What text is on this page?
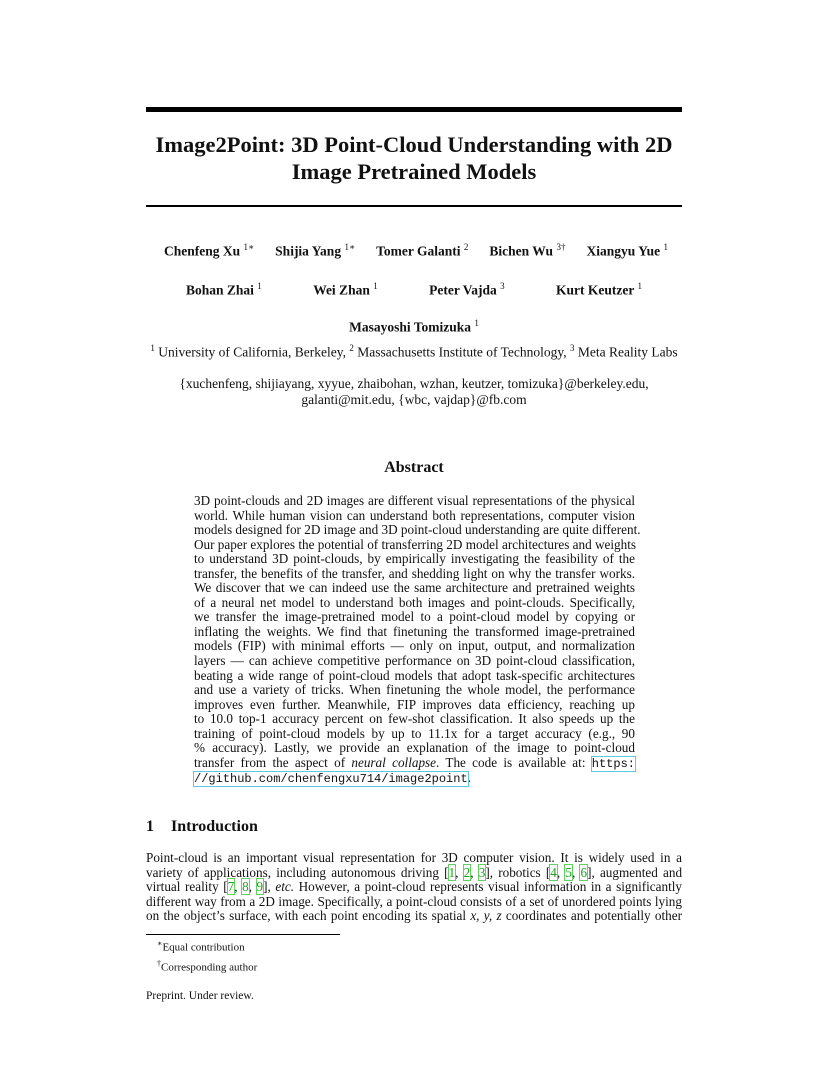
Image2Point: 3D Point-Cloud Understanding with 2D
Image Pretrained Models
Chenfeng Xu $^{1∗}$ Shijia Yang $^{1∗}$ Tomer Galanti $^2$ Bichen Wu $^{3\dagger}$ Xiangyu Yue $^1$
Bohan Zhai $^1$	Wei Zhan $^1$	Peter Vajda $^3$	Kurt Keutzer $^1$
Masayoshi Tomizuka $^1$
$^1$ University of California, Berkeley, $^2$ Massachusetts Institute of Technology, $^3$ Meta Reality Labs
{xuchenfeng, shijiayang, xyyue, zhaibohan, wzhan, keutzer, tomizuka}@berkeley.edu,
galanti@mit.edu, {wbc, vajdap}@fb.com
Abstract
3D point-clouds and 2D images are different visual representations of the physical
world. While human vision can understand both representations, computer vision
models designed for 2D image and 3D point-cloud understanding are quite different.
Our paper explores the potential of transferring 2D model architectures and weights
to understand 3D point-clouds, by empirically investigating the feasibility of the
transfer, the benefits of the transfer, and shedding light on why the transfer works.
We discover that we can indeed use the same architecture and pretrained weights
of a neural net model to understand both images and point-clouds. Specifically,
we transfer the image-pretrained model to a point-cloud model by copying or
inflating the weights. We find that finetuning the transformed image-pretrained
models (FIP) with minimal efforts — only on input, output, and normalization
layers — can achieve competitive performance on 3D point-cloud classification,
beating a wide range of point-cloud models that adopt task-specific architectures
and use a variety of tricks. When finetuning the whole model, the performance
improves even further. Meanwhile, FIP improves data efficiency, reaching up
to 10.0 top-1 accuracy percent on few-shot classification. It also speeds up the
training of point-cloud models by up to 11.1x for a target accuracy (e.g., 90
% accuracy). Lastly, we provide an explanation of the image to point-cloud
transfer from the aspect of neural collapse. The code is available at: https:
//github.com/chenfengxu714/image2point.
1 Introduction
Point-cloud is an important visual representation for 3D computer vision. It is widely used in a
variety of applications, including autonomous driving [1, 2, 3], robotics [4, 5, 6], augmented and
virtual reality [7, 8, 9], etc. However, a point-cloud represents visual information in a significantly
different way from a 2D image. Specifically, a point-cloud consists of a set of unordered points lying
on the object’s surface, with each point encoding its spatial x, y, z coordinates and potentially other
∗Equal contribution
†Corresponding author
Preprint. Under review.
